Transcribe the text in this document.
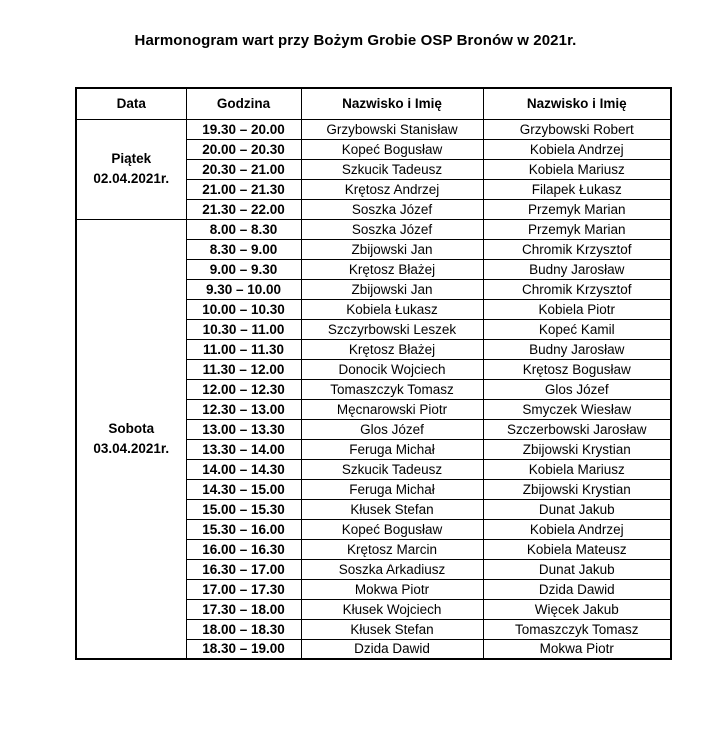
Harmonogram wart przy Bożym Grobie OSP Bronów w 2021r.
Data	Godzina	Nazwisko i Imię	Nazwisko i Imię

Piątek
02.04.2021r.	19.30 – 20.00	Grzybowski Stanisław	Grzybowski Robert
	20.00 – 20.30	Kopeć Bogusław	Kobiela Andrzej
	20.30 – 21.00	Szkucik Tadeusz	Kobiela Mariusz
	21.00 – 21.30	Krętosz Andrzej	Filapek Łukasz
	21.30 – 22.00	Soszka Józef	Przemyk Marian

Sobota
03.04.2021r.	8.00 – 8.30	Soszka Józef	Przemyk Marian
	8.30 – 9.00	Zbijowski Jan	Chromik Krzysztof
	9.00 – 9.30	Krętosz Błażej	Budny Jarosław
	9.30 – 10.00	Zbijowski Jan	Chromik Krzysztof
	10.00 – 10.30	Kobiela Łukasz	Kobiela Piotr
	10.30 – 11.00	Szczyrbowski Leszek	Kopeć Kamil
	11.00 – 11.30	Krętosz Błażej	Budny Jarosław
	11.30 – 12.00	Donocik Wojciech	Krętosz Bogusław
	12.00 – 12.30	Tomaszczyk Tomasz	Glos Józef
	12.30 – 13.00	Męcnarowski Piotr	Smyczek Wiesław
	13.00 – 13.30	Glos Józef	Szczerbowski Jarosław
	13.30 – 14.00	Feruga Michał	Zbijowski Krystian
	14.00 – 14.30	Szkucik Tadeusz	Kobiela Mariusz
	14.30 – 15.00	Feruga Michał	Zbijowski Krystian
	15.00 – 15.30	Kłusek Stefan	Dunat Jakub
	15.30 – 16.00	Kopeć Bogusław	Kobiela Andrzej
	16.00 – 16.30	Krętosz Marcin	Kobiela Mateusz
	16.30 – 17.00	Soszka Arkadiusz	Dunat Jakub
	17.00 – 17.30	Mokwa Piotr	Dzida Dawid
	17.30 – 18.00	Kłusek Wojciech	Więcek Jakub
	18.00 – 18.30	Kłusek Stefan	Tomaszczyk Tomasz
	18.30 – 19.00	Dzida Dawid	Mokwa Piotr
